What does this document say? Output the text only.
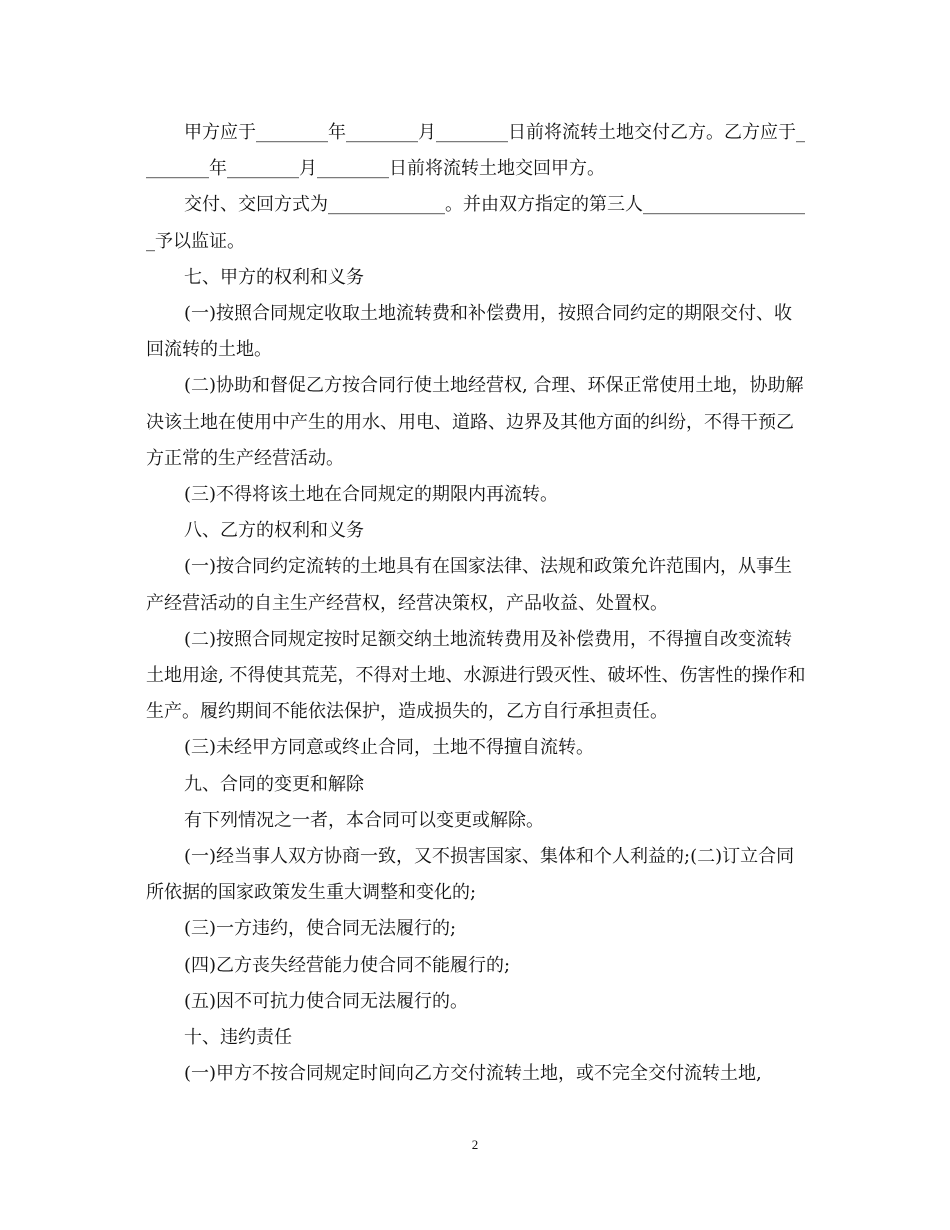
甲方应于________年________月________日前将流转土地交付乙方。乙方应于________年________月________日前将流转土地交回甲方。

交付、交回方式为_____________。并由双方指定的第三人___________________予以监证。

七、甲方的权利和义务

(一)按照合同规定收取土地流转费和补偿费用，按照合同约定的期限交付、收回流转的土地。

(二)协助和督促乙方按合同行使土地经营权, 合理、环保正常使用土地，协助解决该土地在使用中产生的用水、用电、道路、边界及其他方面的纠纷，不得干预乙方正常的生产经营活动。

(三)不得将该土地在合同规定的期限内再流转。

八、乙方的权利和义务

(一)按合同约定流转的土地具有在国家法律、法规和政策允许范围内，从事生产经营活动的自主生产经营权，经营决策权，产品收益、处置权。

(二)按照合同规定按时足额交纳土地流转费用及补偿费用，不得擅自改变流转土地用途, 不得使其荒芜，不得对土地、水源进行毁灭性、破坏性、伤害性的操作和生产。履约期间不能依法保护，造成损失的，乙方自行承担责任。

(三)未经甲方同意或终止合同，土地不得擅自流转。

九、合同的变更和解除

有下列情况之一者，本合同可以变更或解除。

(一)经当事人双方协商一致，又不损害国家、集体和个人利益的;(二)订立合同所依据的国家政策发生重大调整和变化的;

(三)一方违约，使合同无法履行的;

(四)乙方丧失经营能力使合同不能履行的;

(五)因不可抗力使合同无法履行的。

十、违约责任

(一)甲方不按合同规定时间向乙方交付流转土地，或不完全交付流转土地,

2
